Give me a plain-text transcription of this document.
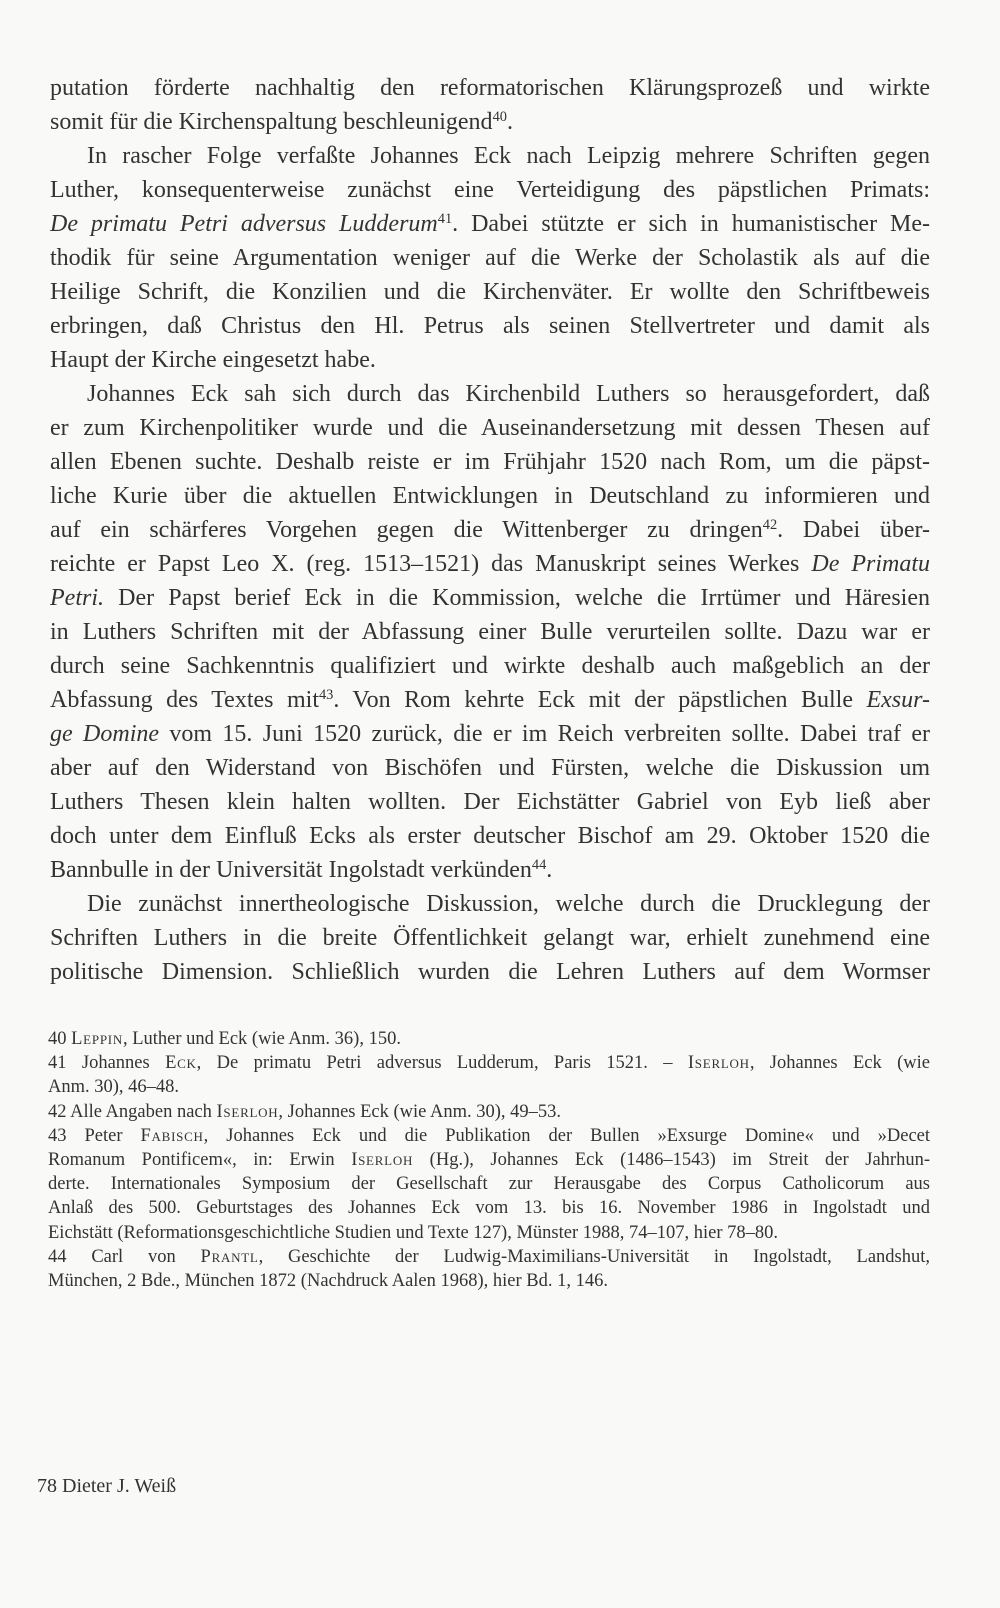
putation förderte nachhaltig den reformatorischen Klärungsprozeß und wirkte
somit für die Kirchenspaltung beschleunigend$^{40}$.
In rascher Folge verfaßte Johannes Eck nach Leipzig mehrere Schriften gegen
Luther, konsequenterweise zunächst eine Verteidigung des päpstlichen Primats:
De primatu Petri adversus Ludderum$^{41}$. Dabei stützte er sich in humanistischer Me-
thodik für seine Argumentation weniger auf die Werke der Scholastik als auf die
Heilige Schrift, die Konzilien und die Kirchenväter. Er wollte den Schriftbeweis
erbringen, daß Christus den Hl. Petrus als seinen Stellvertreter und damit als
Haupt der Kirche eingesetzt habe.
Johannes Eck sah sich durch das Kirchenbild Luthers so herausgefordert, daß
er zum Kirchenpolitiker wurde und die Auseinandersetzung mit dessen Thesen auf
allen Ebenen suchte. Deshalb reiste er im Frühjahr 1520 nach Rom, um die päpst-
liche Kurie über die aktuellen Entwicklungen in Deutschland zu informieren und
auf ein schärferes Vorgehen gegen die Wittenberger zu dringen$^{42}$. Dabei über-
reichte er Papst Leo X. (reg. 1513–1521) das Manuskript seines Werkes De Primatu
Petri. Der Papst berief Eck in die Kommission, welche die Irrtümer und Häresien
in Luthers Schriften mit der Abfassung einer Bulle verurteilen sollte. Dazu war er
durch seine Sachkenntnis qualifiziert und wirkte deshalb auch maßgeblich an der
Abfassung des Textes mit$^{43}$. Von Rom kehrte Eck mit der päpstlichen Bulle Exsur-
ge Domine vom 15. Juni 1520 zurück, die er im Reich verbreiten sollte. Dabei traf er
aber auf den Widerstand von Bischöfen und Fürsten, welche die Diskussion um
Luthers Thesen klein halten wollten. Der Eichstätter Gabriel von Eyb ließ aber
doch unter dem Einfluß Ecks als erster deutscher Bischof am 29. Oktober 1520 die
Bannbulle in der Universität Ingolstadt verkünden$^{44}$.
Die zunächst innertheologische Diskussion, welche durch die Drucklegung der
Schriften Luthers in die breite Öffentlichkeit gelangt war, erhielt zunehmend eine
politische Dimension. Schließlich wurden die Lehren Luthers auf dem Wormser
40 Leppin, Luther und Eck (wie Anm. 36), 150.
41 Johannes Eck, De primatu Petri adversus Ludderum, Paris 1521. – Iserloh, Johannes Eck (wie
Anm. 30), 46–48.
42 Alle Angaben nach Iserloh, Johannes Eck (wie Anm. 30), 49–53.
43 Peter Fabisch, Johannes Eck und die Publikation der Bullen »Exsurge Domine« und »Decet
Romanum Pontificem«, in: Erwin Iserloh (Hg.), Johannes Eck (1486–1543) im Streit der Jahrhun-
derte. Internationales Symposium der Gesellschaft zur Herausgabe des Corpus Catholicorum aus
Anlaß des 500. Geburtstages des Johannes Eck vom 13. bis 16. November 1986 in Ingolstadt und
Eichstätt (Reformationsgeschichtliche Studien und Texte 127), Münster 1988, 74–107, hier 78–80.
44 Carl von Prantl, Geschichte der Ludwig-Maximilians-Universität in Ingolstadt, Landshut,
München, 2 Bde., München 1872 (Nachdruck Aalen 1968), hier Bd. 1, 146.
78 Dieter J. Weiß
